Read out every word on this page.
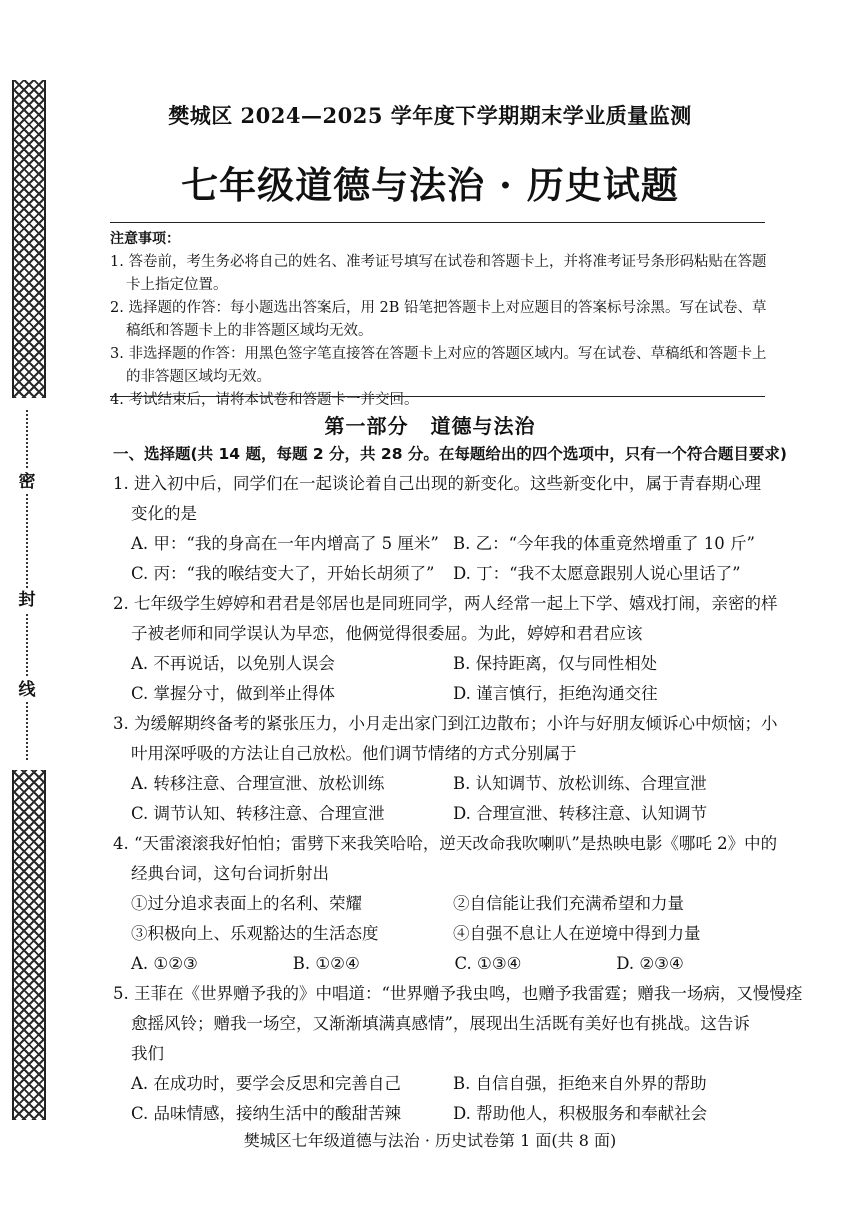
密
封
线
樊城区 2024—2025 学年度下学期期末学业质量监测
七年级道德与法治 · 历史试题
注意事项：
1. 答卷前，考生务必将自己的姓名、准考证号填写在试卷和答题卡上，并将准考证号条形码粘贴在答题卡上指定位置。
2. 选择题的作答：每小题选出答案后，用 2B 铅笔把答题卡上对应题目的答案标号涂黑。写在试卷、草稿纸和答题卡上的非答题区域均无效。
3. 非选择题的作答：用黑色签字笔直接答在答题卡上对应的答题区域内。写在试卷、草稿纸和答题卡上的非答题区域均无效。
4. 考试结束后，请将本试卷和答题卡一并交回。
第一部分 道德与法治
一、选择题(共 14 题，每题 2 分，共 28 分。在每题给出的四个选项中，只有一个符合题目要求)
1. 进入初中后，同学们在一起谈论着自己出现的新变化。这些新变化中，属于青春期心理
变化的是
A. 甲：“我的身高在一年内增高了 5 厘米” B. 乙：“今年我的体重竟然增重了 10 斤”
C. 丙：“我的喉结变大了，开始长胡须了”	D. 丁：“我不太愿意跟别人说心里话了”
2. 七年级学生婷婷和君君是邻居也是同班同学，两人经常一起上下学、嬉戏打闹，亲密的样
子被老师和同学误认为早恋，他俩觉得很委屈。为此，婷婷和君君应该
A. 不再说话，以免别人误会	B. 保持距离，仅与同性相处
C. 掌握分寸，做到举止得体	D. 谨言慎行，拒绝沟通交往
3. 为缓解期终备考的紧张压力，小月走出家门到江边散布；小许与好朋友倾诉心中烦恼；小
叶用深呼吸的方法让自己放松。他们调节情绪的方式分别属于
A. 转移注意、合理宣泄、放松训练	B. 认知调节、放松训练、合理宣泄
C. 调节认知、转移注意、合理宣泄	D. 合理宣泄、转移注意、认知调节
4. “天雷滚滚我好怕怕；雷劈下来我笑哈哈，逆天改命我吹喇叭”是热映电影《哪吒 2》中的
经典台词，这句台词折射出
①过分追求表面上的名利、荣耀	②自信能让我们充满希望和力量
③积极向上、乐观豁达的生活态度	④自强不息让人在逆境中得到力量
A. ①②③	B. ①②④	C. ①③④	D. ②③④
5. 王菲在《世界赠予我的》中唱道：“世界赠予我虫鸣，也赠予我雷霆；赠我一场病，又慢慢痊
愈摇风铃；赠我一场空，又渐渐填满真感情”，展现出生活既有美好也有挑战。这告诉
我们
A. 在成功时，要学会反思和完善自己	B. 自信自强，拒绝来自外界的帮助
C. 品味情感，接纳生活中的酸甜苦辣	D. 帮助他人，积极服务和奉献社会
樊城区七年级道德与法治 · 历史试卷第 1 面(共 8 面)
